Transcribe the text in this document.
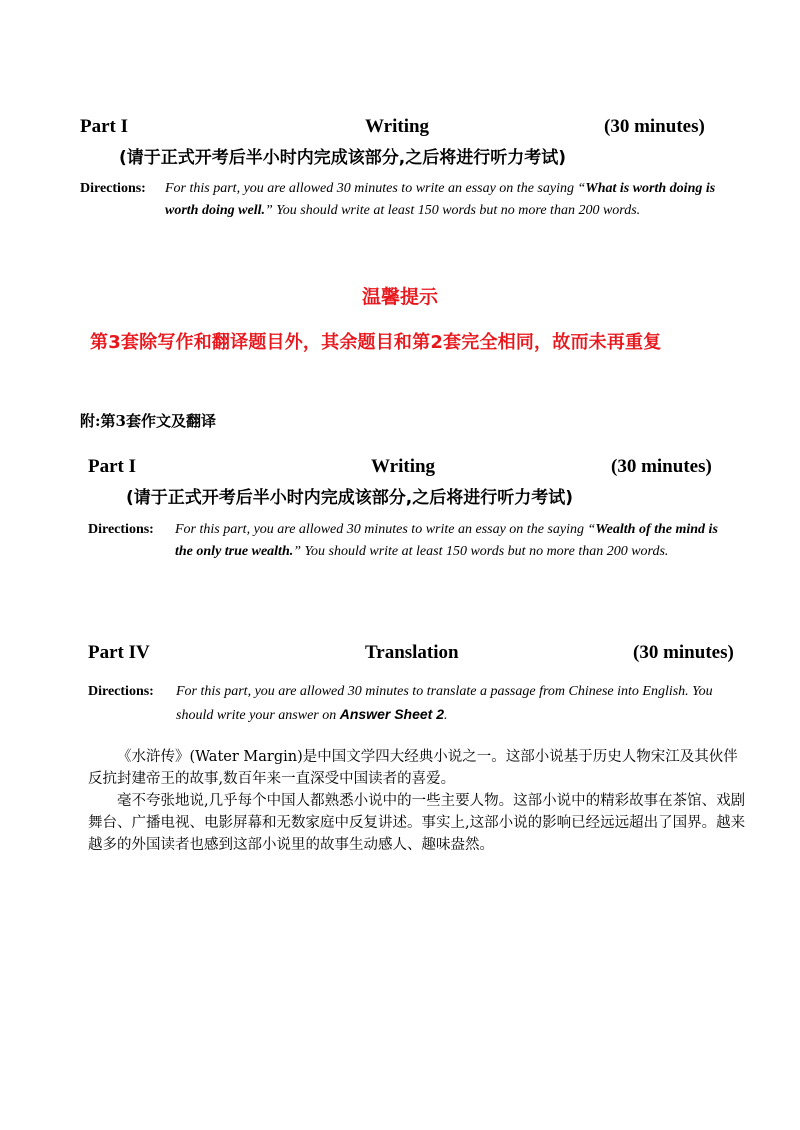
Part I	Writing	(30 minutes)
(请于正式开考后半小时内完成该部分,之后将进行听力考试)
Directions: For this part, you are allowed 30 minutes to write an essay on the saying “What is worth doing is worth doing well.” You should write at least 150 words but no more than 200 words.
温馨提示
第3套除写作和翻译题目外，其余题目和第2套完全相同，故而未再重复
附:第3套作文及翻译
Part I	Writing	(30 minutes)
(请于正式开考后半小时内完成该部分,之后将进行听力考试)
Directions: For this part, you are allowed 30 minutes to write an essay on the saying “Wealth of the mind is the only true wealth.” You should write at least 150 words but no more than 200 words.
Part IV	Translation	(30 minutes)
Directions: For this part, you are allowed 30 minutes to translate a passage from Chinese into English. You should write your answer on Answer Sheet 2.
《水浒传》(Water Margin)是中国文学四大经典小说之一。这部小说基于历史人物宋江及其伙伴反抗封建帝王的故事,数百年来一直深受中国读者的喜爱。
毫不夸张地说,几乎每个中国人都熟悉小说中的一些主要人物。这部小说中的精彩故事在茶馆、戏剧舞台、广播电视、电影屏幕和无数家庭中反复讲述。事实上,这部小说的影响已经远远超出了国界。越来越多的外国读者也感到这部小说里的故事生动感人、趣味盎然。
